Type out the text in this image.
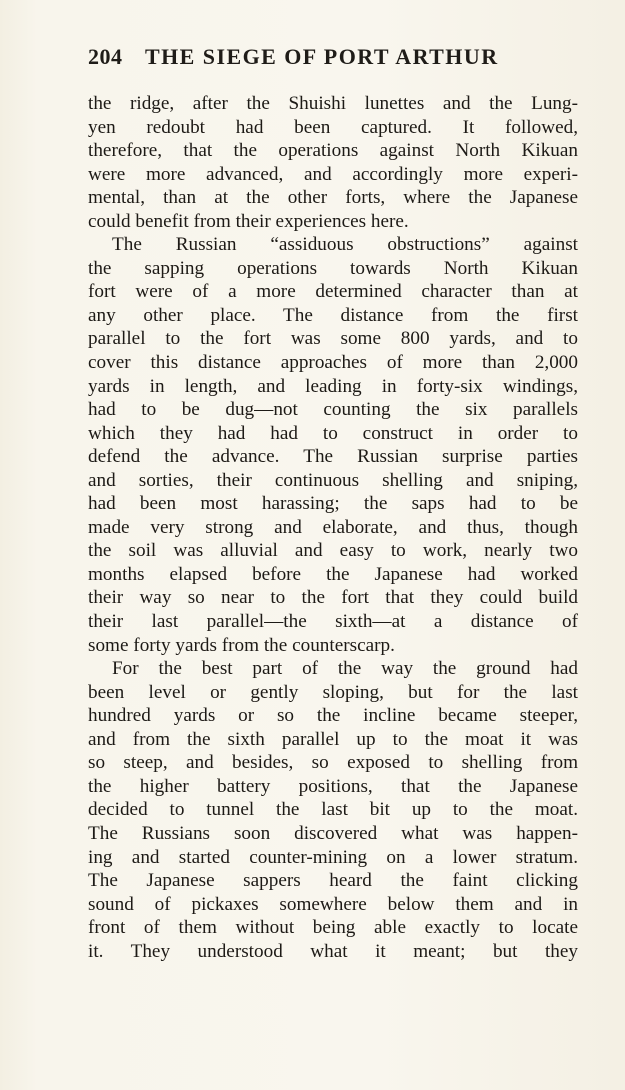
204 THE SIEGE OF PORT ARTHUR
the ridge, after the Shuishi lunettes and the Lung-
yen redoubt had been captured. It followed,
therefore, that the operations against North Kikuan
were more advanced, and accordingly more experi-
mental, than at the other forts, where the Japanese
could benefit from their experiences here.
The Russian “assiduous obstructions” against
the sapping operations towards North Kikuan
fort were of a more determined character than at
any other place. The distance from the first
parallel to the fort was some 800 yards, and to
cover this distance approaches of more than 2,000
yards in length, and leading in forty-six windings,
had to be dug—not counting the six parallels
which they had had to construct in order to
defend the advance. The Russian surprise parties
and sorties, their continuous shelling and sniping,
had been most harassing; the saps had to be
made very strong and elaborate, and thus, though
the soil was alluvial and easy to work, nearly two
months elapsed before the Japanese had worked
their way so near to the fort that they could build
their last parallel—the sixth—at a distance of
some forty yards from the counterscarp.
For the best part of the way the ground had
been level or gently sloping, but for the last
hundred yards or so the incline became steeper,
and from the sixth parallel up to the moat it was
so steep, and besides, so exposed to shelling from
the higher battery positions, that the Japanese
decided to tunnel the last bit up to the moat.
The Russians soon discovered what was happen-
ing and started counter-mining on a lower stratum.
The Japanese sappers heard the faint clicking
sound of pickaxes somewhere below them and in
front of them without being able exactly to locate
it. They understood what it meant; but they
